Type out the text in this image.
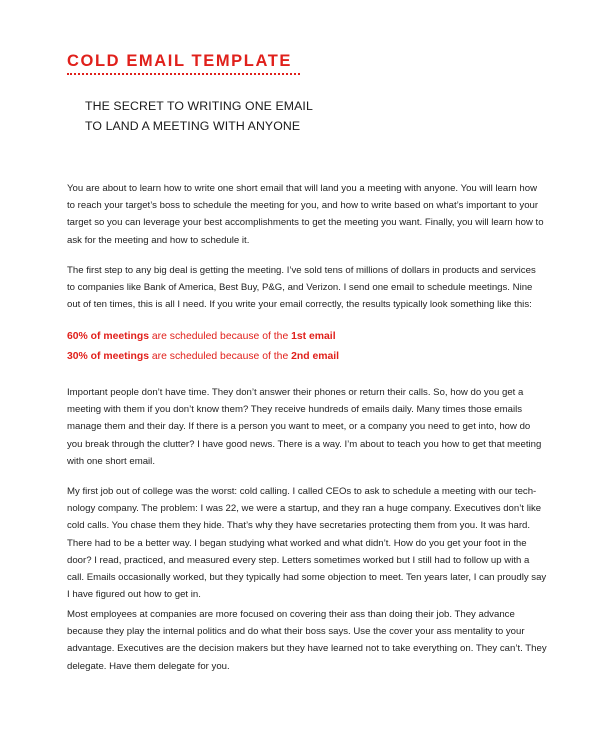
COLD EMAIL TEMPLATE
THE SECRET TO WRITING ONE EMAIL
TO LAND A MEETING WITH ANYONE
You are about to learn how to write one short email that will land you a meeting with anyone. You will learn how
to reach your target’s boss to schedule the meeting for you, and how to write based on what’s important to your
target so you can leverage your best accomplishments to get the meeting you want. Finally, you will learn how to
ask for the meeting and how to schedule it.
The first step to any big deal is getting the meeting. I’ve sold tens of millions of dollars in products and services
to companies like Bank of America, Best Buy, P&G, and Verizon. I send one email to schedule meetings. Nine
out of ten times, this is all I need. If you write your email correctly, the results typically look something like this:
60% of meetings are scheduled because of the 1st email
30% of meetings are scheduled because of the 2nd email
Important people don’t have time. They don’t answer their phones or return their calls. So, how do you get a
meeting with them if you don’t know them? They receive hundreds of emails daily. Many times those emails
manage them and their day. If there is a person you want to meet, or a company you need to get into, how do
you break through the clutter? I have good news. There is a way. I’m about to teach you how to get that meeting
with one short email.
My first job out of college was the worst: cold calling. I called CEOs to ask to schedule a meeting with our tech-
nology company. The problem: I was 22, we were a startup, and they ran a huge company. Executives don’t like
cold calls. You chase them they hide. That’s why they have secretaries protecting them from you. It was hard.
There had to be a better way. I began studying what worked and what didn’t. How do you get your foot in the
door? I read, practiced, and measured every step. Letters sometimes worked but I still had to follow up with a
call. Emails occasionally worked, but they typically had some objection to meet. Ten years later, I can proudly say
I have figured out how to get in.
Most employees at companies are more focused on covering their ass than doing their job. They advance
because they play the internal politics and do what their boss says. Use the cover your ass mentality to your
advantage. Executives are the decision makers but they have learned not to take everything on. They can’t. They
delegate. Have them delegate for you.
